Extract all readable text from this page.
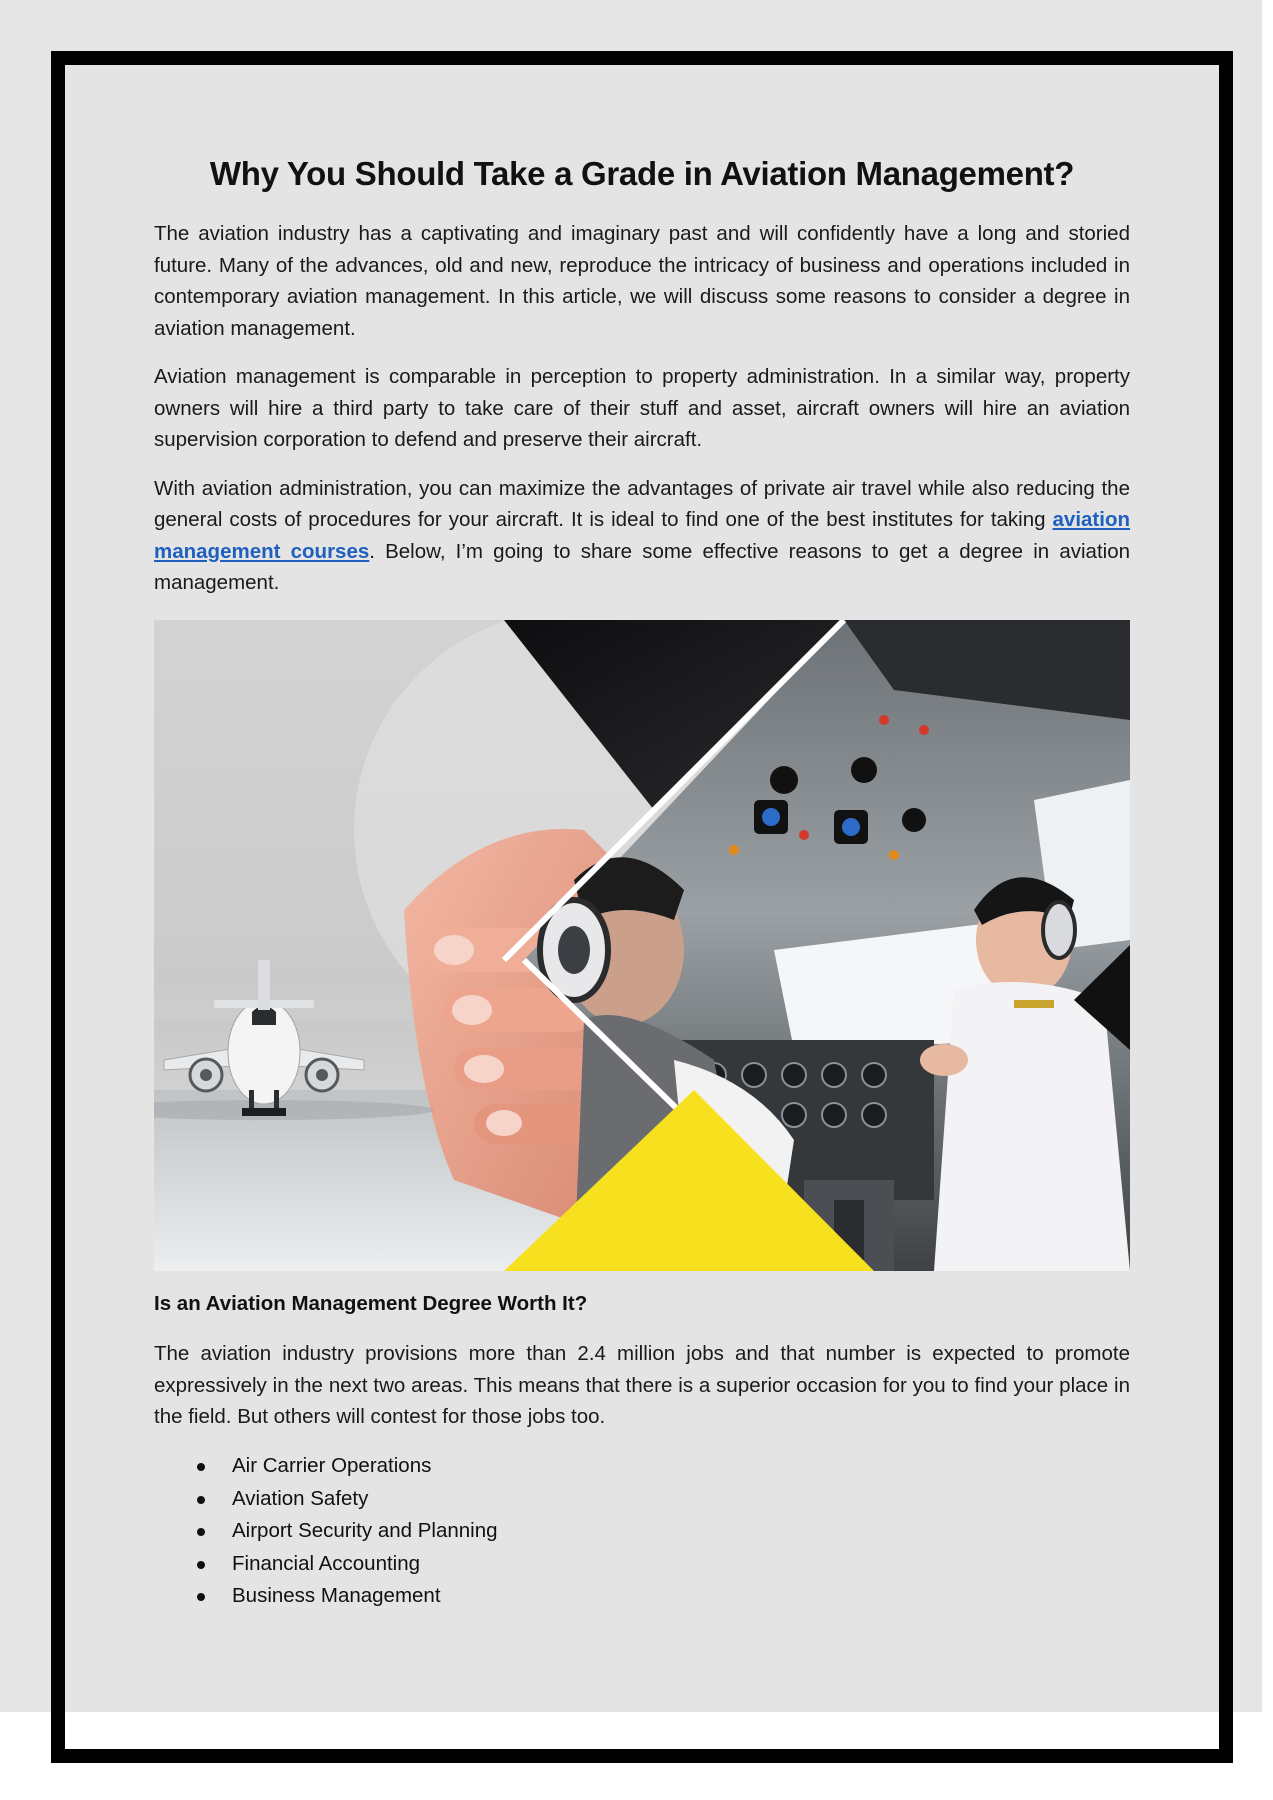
Why You Should Take a Grade in Aviation Management?

The aviation industry has a captivating and imaginary past and will confidently have a long and storied future. Many of the advances, old and new, reproduce the intricacy of business and operations included in contemporary aviation management. In this article, we will discuss some reasons to consider a degree in aviation management.

Aviation management is comparable in perception to property administration. In a similar way, property owners will hire a third party to take care of their stuff and asset, aircraft owners will hire an aviation supervision corporation to defend and preserve their aircraft.

With aviation administration, you can maximize the advantages of private air travel while also reducing the general costs of procedures for your aircraft. It is ideal to find one of the best institutes for taking aviation management courses. Below, I’m going to share some effective reasons to get a degree in aviation management.

Is an Aviation Management Degree Worth It?

The aviation industry provisions more than 2.4 million jobs and that number is expected to promote expressively in the next two areas. This means that there is a superior occasion for you to find your place in the field. But others will contest for those jobs too.

Air Carrier Operations
Aviation Safety
Airport Security and Planning
Financial Accounting
Business Management
